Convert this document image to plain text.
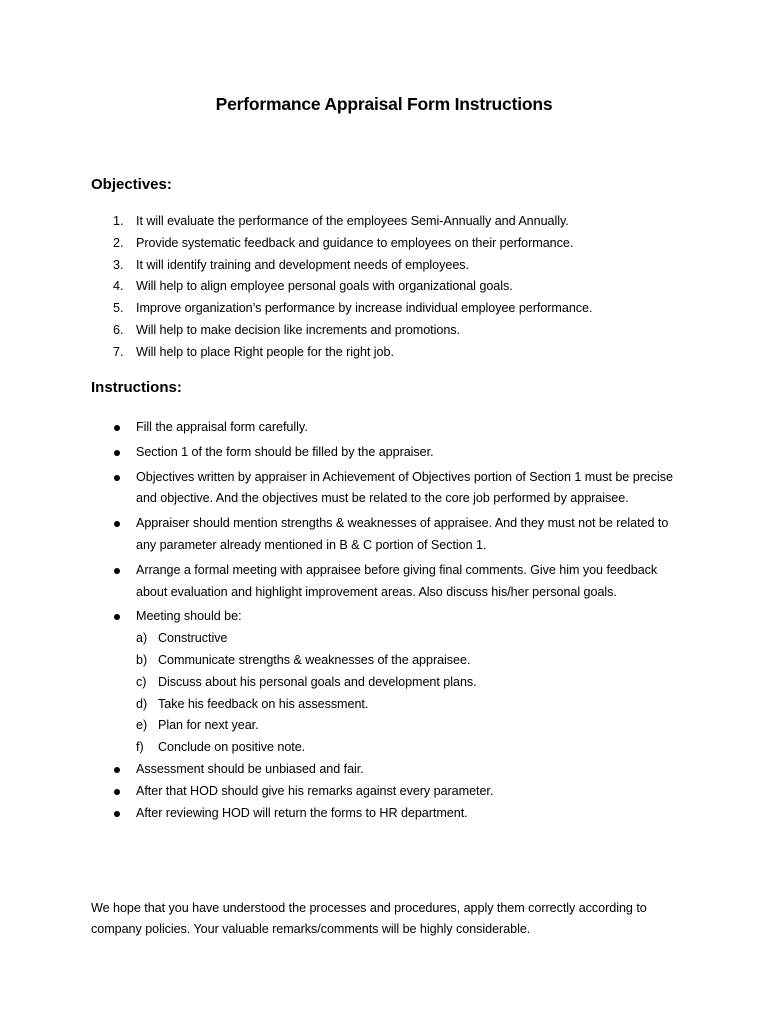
Performance Appraisal Form Instructions
Objectives:
1. It will evaluate the performance of the employees Semi-Annually and Annually.
2. Provide systematic feedback and guidance to employees on their performance.
3. It will identify training and development needs of employees.
4. Will help to align employee personal goals with organizational goals.
5. Improve organization’s performance by increase individual employee performance.
6. Will help to make decision like increments and promotions.
7. Will help to place Right people for the right job.
Instructions:
Fill the appraisal form carefully.
Section 1 of the form should be filled by the appraiser.
Objectives written by appraiser in Achievement of Objectives portion of Section 1 must be precise and objective. And the objectives must be related to the core job performed by appraisee.
Appraiser should mention strengths & weaknesses of appraisee. And they must not be related to any parameter already mentioned in B & C portion of Section 1.
Arrange a formal meeting with appraisee before giving final comments. Give him you feedback about evaluation and highlight improvement areas. Also discuss his/her personal goals.
Meeting should be:
a) Constructive
b) Communicate strengths & weaknesses of the appraisee.
c) Discuss about his personal goals and development plans.
d) Take his feedback on his assessment.
e) Plan for next year.
f) Conclude on positive note.
Assessment should be unbiased and fair.
After that HOD should give his remarks against every parameter.
After reviewing HOD will return the forms to HR department.

We hope that you have understood the processes and procedures, apply them correctly according to company policies. Your valuable remarks/comments will be highly considerable.
